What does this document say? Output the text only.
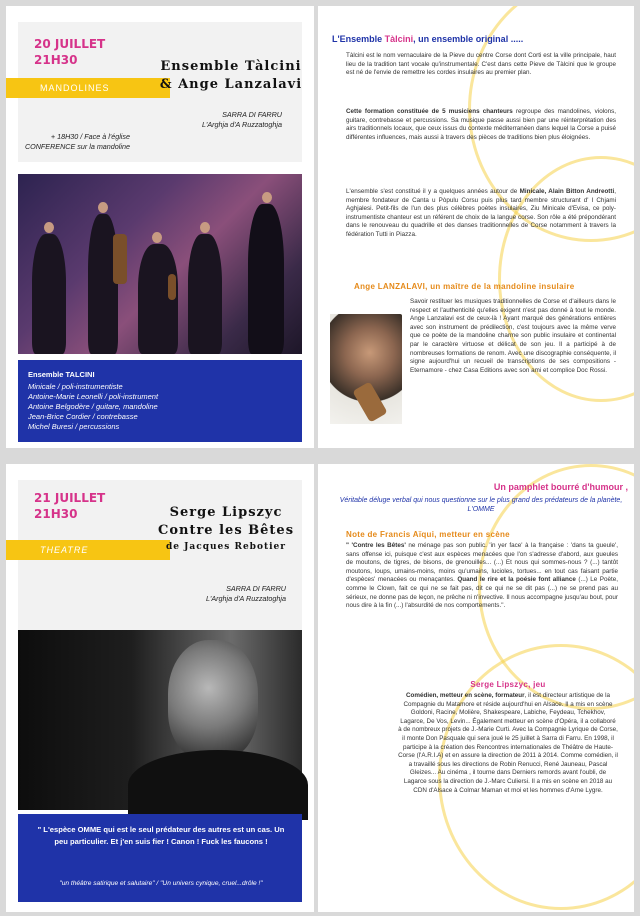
20 JUILLET
21H30
MANDOLINES
Ensemble Tàlcini
& Ange Lanzalavi
SARRA DI FARRU
L'Arghja d'A Ruzzatoghja
+ 18H30 / Face à l'église
CONFERENCE sur la mandoline
Ensemble TALCINI
Minicale / poli-instrumentiste
Antoine-Marie Leonelli / poli-instrument
Antoine Belgodère / guitare, mandoline
Jean-Brice Cordier / contrebasse
Michel Buresi / percussions
L'Ensemble Tàlcini, un ensemble original .....
Tàlcini est le nom vernaculaire de la Pieve du centre Corse dont Corti est la ville principale, haut lieu de la tradition tant vocale qu'instrumentale. C'est dans cette Pieve de Tàlcini que le groupe est né de l'envie de remettre les cordes insulaires au premier plan.
Cette formation constituée de 5 musiciens chanteurs regroupe des mandolines, violons, guitare, contrebasse et percussions. Sa musique passe aussi bien par une réinterprétation des airs traditionnels locaux, que ceux issus du contexte méditerranéen dans lequel la Corse a puisé différentes influences, mais aussi à travers des pièces de traditions bien plus éloignées.
L'ensemble s'est constitué il y a quelques années autour de Minicale, Alain Bitton Andreotti, membre fondateur de Canta u Pòpulu Corsu puis plus tard membre structurant d' I Chjami Aghjalesi. Petit-fils de l'un des plus célèbres poètes insulaires, Ziu Minicale d'Evisa, ce poly-instrumentiste chanteur est un référent de choix de la langue corse. Son rôle a été prépondérant dans le renouveau du quadrille et des danses traditionnelles de Corse notamment à travers la fédération Tutti in Piazza.
Ange LANZALAVI, un maître de la mandoline insulaire
Savoir restituer les musiques traditionnelles de Corse et d'ailleurs dans le respect et l'authenticité qu'elles exigent n'est pas donné à tout le monde. Ange Lanzalavi est de ceux-là ! Ayant marqué des générations entières avec son instrument de prédilection, c'est toujours avec la même verve que ce poète de la mandoline charme son public insulaire et continental par le caractère virtuose et délicat de son jeu. Il a participé à de nombreuses formations de renom. Avec une discographie conséquente, il signe aujourd'hui un recueil de transcriptions de ses compositions - Eternamore - chez Casa Editions avec son ami et complice Doc Rossi.
21 JUILLET
21H30
THEATRE
Serge Lipszyc
Contre les Bêtes
de Jacques Rebotier
SARRA DI FARRU
L'Arghja d'A Ruzzatoghja
" L'espèce OMME qui est le seul prédateur des autres est un cas. Un peu particulier. Et j'en suis fier ! Canon ! Fuck les faucons !
"un théâtre satirique et salutaire" / "Un univers cynique, cruel...drôle !"
Un pamphlet bourré d'humour ,
Véritable déluge verbal qui nous questionne sur le plus grand des prédateurs de la planète, L'OMME
Note de Francis Aïqui, metteur en scène
" 'Contre les Bêtes' ne ménage pas son public. 'in yer face' à la française : 'dans ta gueule', sans offense ici, puisque c'est aux espèces menacées que l'on s'adresse d'abord, aux gueules de moutons, de tigres, de bisons, de grenouilles... (...) Et nous qui sommes-nous ? (...) tantôt moutons, loups, umains-moins, moins qu'umains, lucioles, tortues... en tout cas faisant partie d'espèces' menacées ou menaçantes. Quand le rire et la poésie font alliance (...) Le Poète, comme le Clown, fait ce qui ne se fait pas, dit ce qui ne se dit pas (...) ne se prend pas au sérieux, ne donne pas de leçon, ne prêche ni n'invective. Il nous accompagne jusqu'au bout, pour nous dire à la fin (...) l'absurdité de nos comportements.".
Serge Lipszyc, jeu
Comédien, metteur en scène, formateur, il est directeur artistique de la Compagnie du Matamore et réside aujourd'hui en Alsace. Il a mis en scène Goldoni, Racine, Molière, Shakespeare, Labiche, Feydeau, Tchekhov, Lagarce, De Vos, Levin... Également metteur en scène d'Opéra, il a collaboré à de nombreux projets de J.-Marie Curti. Avec la Compagnie Lyrique de Corse, il monte Don Pasquale qui sera joué le 25 juillet à Sarra di Farru. En 1998, il participe à la création des Rencontres internationales de Théâtre de Haute-Corse (l'A.R.I.A) et en assure la direction de 2011 à 2014. Comme comédien, il a travaillé sous les directions de Robin Renucci, René Jauneau, Pascal Gleizes... Au cinéma , il tourne dans Derniers remords avant l'oubli, de Lagarce sous la direction de J.-Marc Culiersi. Il a mis en scène en 2018 au CDN d'Alsace à Colmar Maman et moi et les hommes d'Arne Lygre.
